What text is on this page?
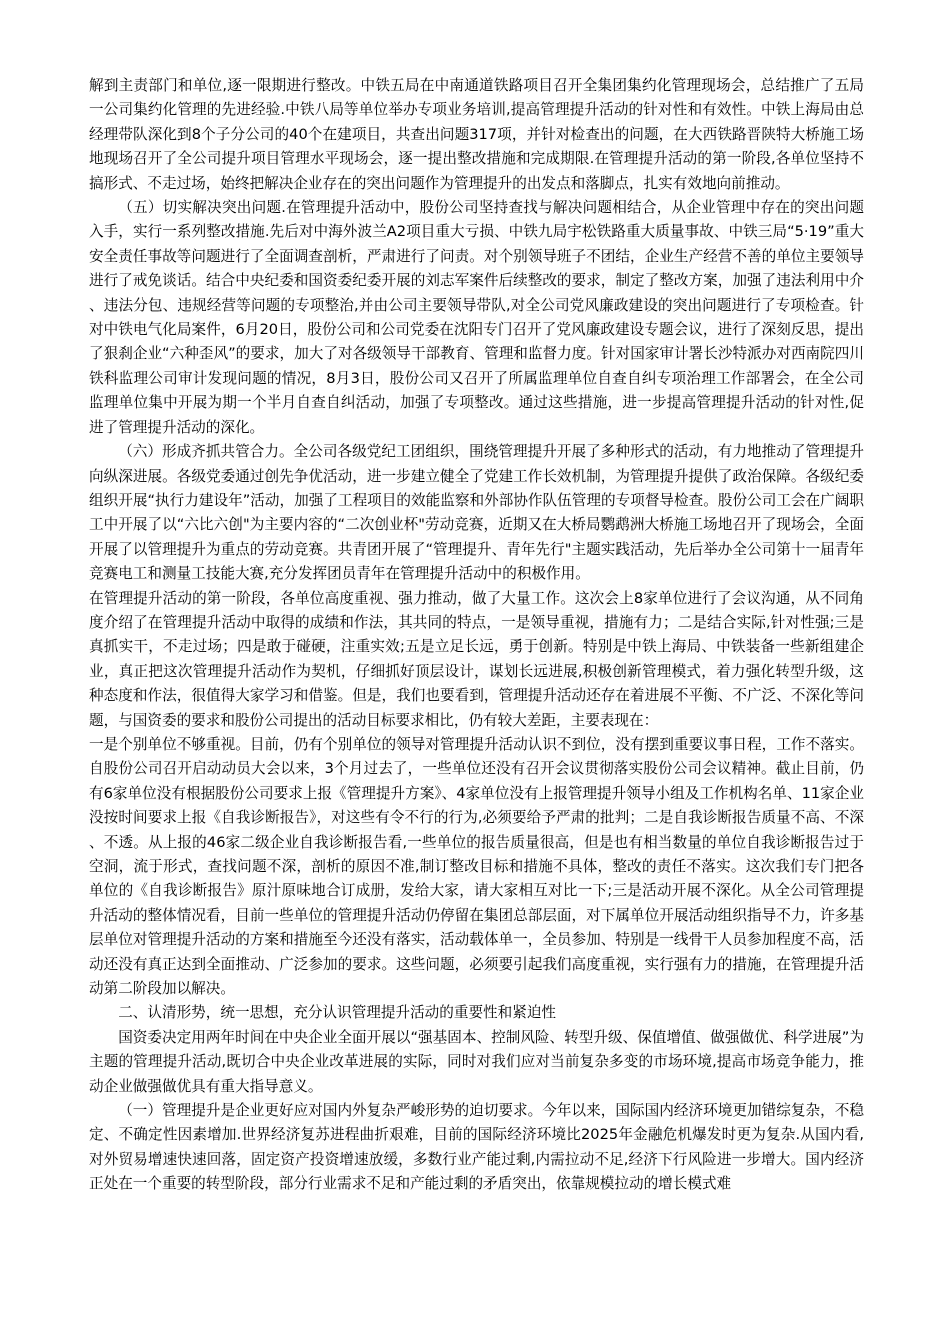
解到主责部门和单位,逐一限期进行整改。中铁五局在中南通道铁路项目召开全集团集约化管理现场会，总结推广了五局一公司集约化管理的先进经验.中铁八局等单位举办专项业务培训,提高管理提升活动的针对性和有效性。中铁上海局由总经理带队深化到8个子分公司的40个在建项目，共查出问题317项，并针对检查出的问题，在大西铁路晋陕特大桥施工场地现场召开了全公司提升项目管理水平现场会，逐一提出整改措施和完成期限.在管理提升活动的第一阶段,各单位坚持不搞形式、不走过场，始终把解决企业存在的突出问题作为管理提升的出发点和落脚点，扎实有效地向前推动。

（五）切实解决突出问题.在管理提升活动中，股份公司坚持查找与解决问题相结合，从企业管理中存在的突出问题入手，实行一系列整改措施.先后对中海外波兰A2项目重大亏损、中铁九局宇松铁路重大质量事故、中铁三局“5·19”重大安全责任事故等问题进行了全面调查剖析，严肃进行了问责。对个别领导班子不团结，企业生产经营不善的单位主要领导进行了戒免谈话。结合中央纪委和国资委纪委开展的刘志军案件后续整改的要求，制定了整改方案，加强了违法利用中介、违法分包、违规经营等问题的专项整治,并由公司主要领导带队,对全公司党风廉政建设的突出问题进行了专项检查。针对中铁电气化局案件，6月20日，股份公司和公司党委在沈阳专门召开了党风廉政建设专题会议，进行了深刻反思，提出了狠刹企业“六种歪风”的要求，加大了对各级领导干部教育、管理和监督力度。针对国家审计署长沙特派办对西南院四川铁科监理公司审计发现问题的情况，8月3日，股份公司又召开了所属监理单位自查自纠专项治理工作部署会，在全公司监理单位集中开展为期一个半月自查自纠活动，加强了专项整改。通过这些措施，进一步提高管理提升活动的针对性,促进了管理提升活动的深化。

（六）形成齐抓共管合力。全公司各级党纪工团组织，围绕管理提升开展了多种形式的活动，有力地推动了管理提升向纵深进展。各级党委通过创先争优活动，进一步建立健全了党建工作长效机制，为管理提升提供了政治保障。各级纪委组织开展“执行力建设年”活动，加强了工程项目的效能监察和外部协作队伍管理的专项督导检查。股份公司工会在广阔职工中开展了以“六比六创"为主要内容的“二次创业杯"劳动竞赛，近期又在大桥局鹦鹉洲大桥施工场地召开了现场会，全面开展了以管理提升为重点的劳动竞赛。共青团开展了“管理提升、青年先行"主题实践活动，先后举办全公司第十一届青年竞赛电工和测量工技能大赛,充分发挥团员青年在管理提升活动中的积极作用。

在管理提升活动的第一阶段，各单位高度重视、强力推动，做了大量工作。这次会上8家单位进行了会议沟通，从不同角度介绍了在管理提升活动中取得的成绩和作法，其共同的特点，一是领导重视，措施有力；二是结合实际,针对性强;三是真抓实干，不走过场；四是敢于碰硬，注重实效;五是立足长远，勇于创新。特别是中铁上海局、中铁装备一些新组建企业，真正把这次管理提升活动作为契机，仔细抓好顶层设计，谋划长远进展,积极创新管理模式，着力强化转型升级，这种态度和作法，很值得大家学习和借鉴。但是，我们也要看到，管理提升活动还存在着进展不平衡、不广泛、不深化等问题，与国资委的要求和股份公司提出的活动目标要求相比，仍有较大差距，主要表现在：

一是个别单位不够重视。目前，仍有个别单位的领导对管理提升活动认识不到位，没有摆到重要议事日程，工作不落实。自股份公司召开启动动员大会以来，3个月过去了，一些单位还没有召开会议贯彻落实股份公司会议精神。截止目前，仍有6家单位没有根据股份公司要求上报《管理提升方案》、4家单位没有上报管理提升领导小组及工作机构名单、11家企业没按时间要求上报《自我诊断报告》，对这些有令不行的行为,必须要给予严肃的批判；二是自我诊断报告质量不高、不深、不透。从上报的46家二级企业自我诊断报告看,一些单位的报告质量很高，但是也有相当数量的单位自我诊断报告过于空洞，流于形式，查找问题不深，剖析的原因不准,制订整改目标和措施不具体，整改的责任不落实。这次我们专门把各单位的《自我诊断报告》原汁原味地合订成册，发给大家，请大家相互对比一下;三是活动开展不深化。从全公司管理提升活动的整体情况看，目前一些单位的管理提升活动仍停留在集团总部层面，对下属单位开展活动组织指导不力，许多基层单位对管理提升活动的方案和措施至今还没有落实，活动载体单一，全员参加、特别是一线骨干人员参加程度不高，活动还没有真正达到全面推动、广泛参加的要求。这些问题，必须要引起我们高度重视，实行强有力的措施，在管理提升活动第二阶段加以解决。

二、认清形势，统一思想，充分认识管理提升活动的重要性和紧迫性

国资委决定用两年时间在中央企业全面开展以“强基固本、控制风险、转型升级、保值增值、做强做优、科学进展”为主题的管理提升活动,既切合中央企业改革进展的实际，同时对我们应对当前复杂多变的市场环境,提高市场竞争能力，推动企业做强做优具有重大指导意义。

（一）管理提升是企业更好应对国内外复杂严峻形势的迫切要求。今年以来，国际国内经济环境更加错综复杂，不稳定、不确定性因素增加.世界经济复苏进程曲折艰难，目前的国际经济环境比2025年金融危机爆发时更为复杂.从国内看,对外贸易增速快速回落，固定资产投资增速放缓，多数行业产能过剩,内需拉动不足,经济下行风险进一步增大。国内经济正处在一个重要的转型阶段，部分行业需求不足和产能过剩的矛盾突出，依靠规模拉动的增长模式难
